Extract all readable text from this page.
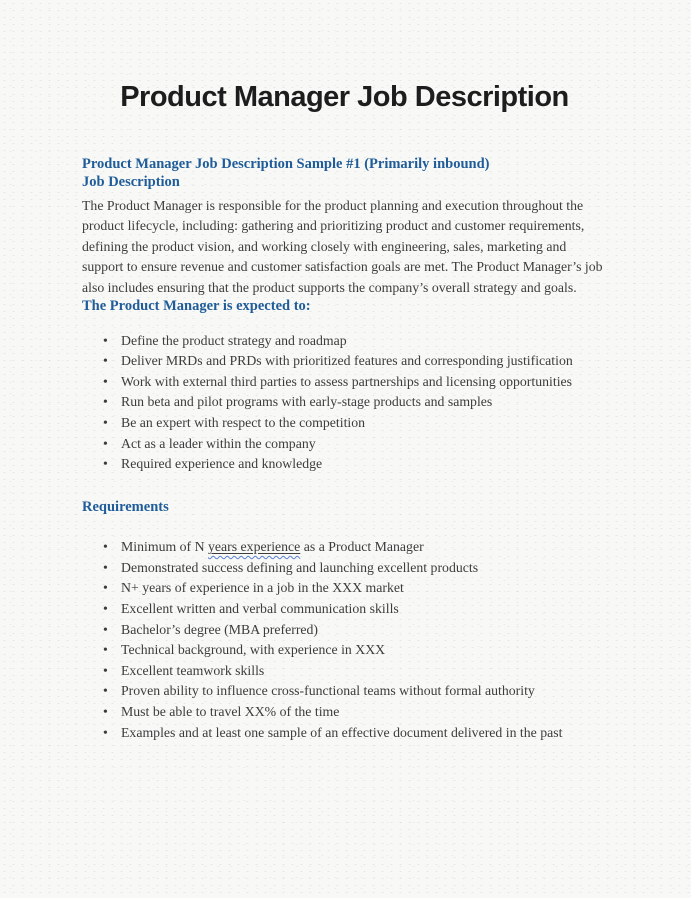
Product Manager Job Description
Product Manager Job Description Sample #1 (Primarily inbound)
Job Description

The Product Manager is responsible for the product planning and execution throughout the product lifecycle, including: gathering and prioritizing product and customer requirements, defining the product vision, and working closely with engineering, sales, marketing and support to ensure revenue and customer satisfaction goals are met. The Product Manager’s job also includes ensuring that the product supports the company’s overall strategy and goals.

The Product Manager is expected to:
• Define the product strategy and roadmap
• Deliver MRDs and PRDs with prioritized features and corresponding justification
• Work with external third parties to assess partnerships and licensing opportunities
• Run beta and pilot programs with early-stage products and samples
• Be an expert with respect to the competition
• Act as a leader within the company
• Required experience and knowledge
Requirements
• Minimum of N years experience as a Product Manager
• Demonstrated success defining and launching excellent products
• N+ years of experience in a job in the XXX market
• Excellent written and verbal communication skills
• Bachelor’s degree (MBA preferred)
• Technical background, with experience in XXX
• Excellent teamwork skills
• Proven ability to influence cross-functional teams without formal authority
• Must be able to travel XX% of the time
• Examples and at least one sample of an effective document delivered in the past
